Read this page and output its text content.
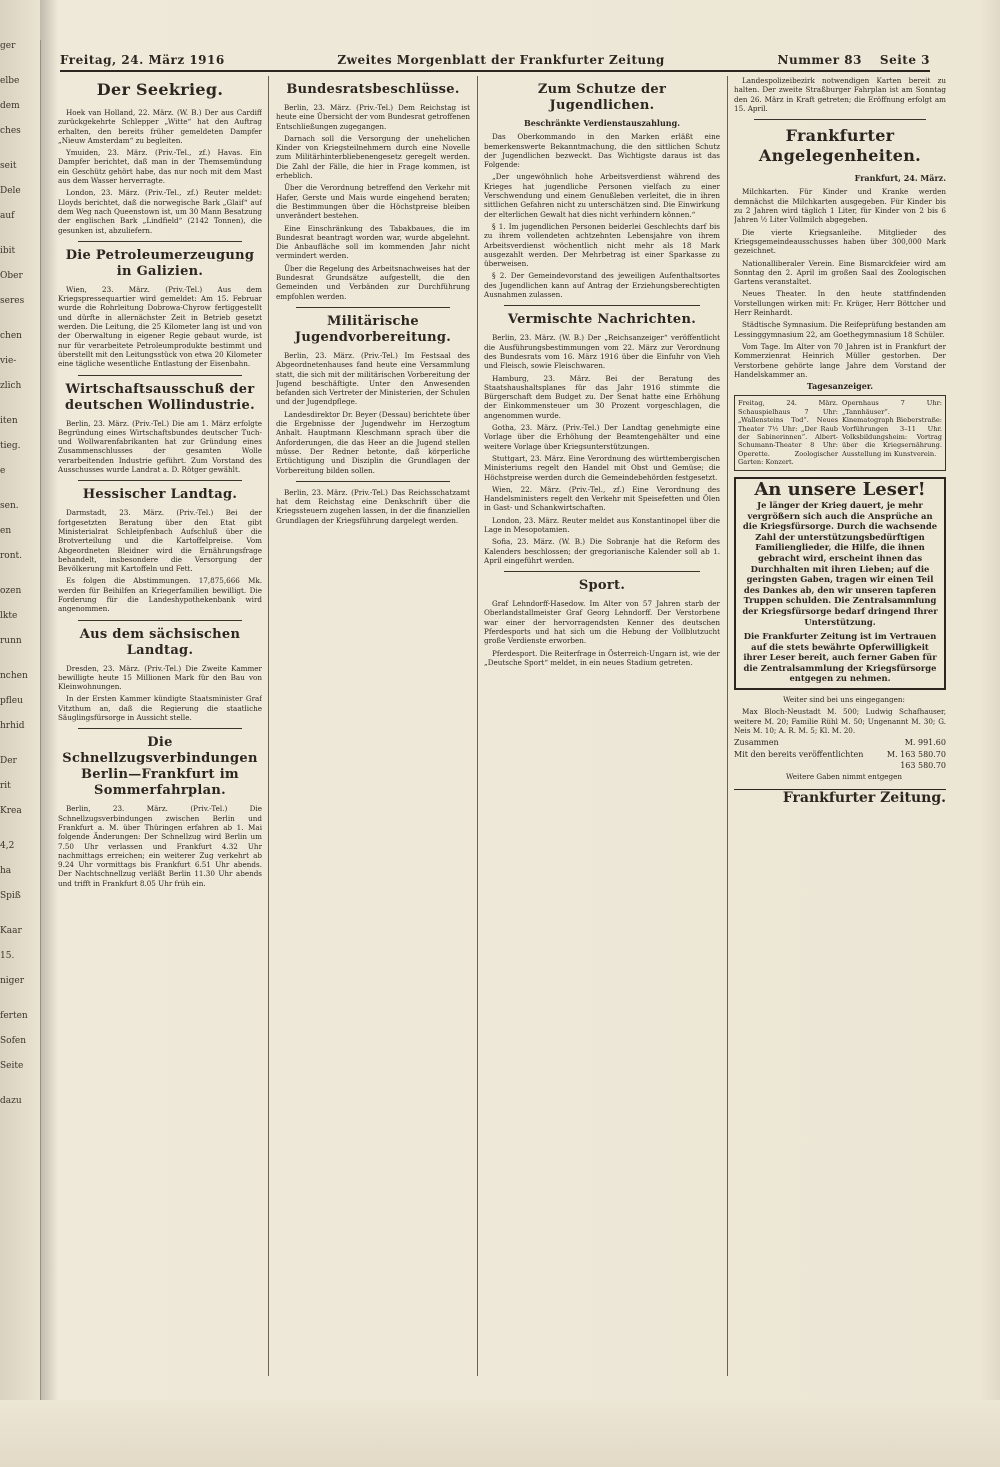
ger
elbe
dem
ches
seit
Dele
auf
ibit
Ober
seres
chen
vie-
zlich
iten
tieg.
e
sen.
en
ront.
ozen
lkte
runn
nchen
pfleu
hrhid
Der
rit
Krea
4,2
ha
Spiß
Kaar
15.
niger
ferten
Sofen
Seite
dazu
Freitag, 24. März 1916	Zweites Morgenblatt der Frankfurter Zeitung	Nummer 83 Seite 3
Der Seekrieg.

Hoek van Holland, 22. März. (W. B.) Der aus Cardiff zurückgekehrte Schlepper „Witte“ hat den Auftrag erhalten, den bereits früher gemeldeten Dampfer „Nieuw Amsterdam“ zu begleiten.

Ymuiden, 23. März. (Priv.-Tel., zf.) Havas. Ein Dampfer berichtet, daß man in der Themsemündung ein Geschütz gehört habe, das nur noch mit dem Mast aus dem Wasser herverragte.

London, 23. März. (Priv.-Tel., zf.) Reuter meldet: Lloyds berichtet, daß die norwegische Bark „Glaif“ auf dem Weg nach Queenstown ist, um 30 Mann Besatzung der englischen Bark „Lindfield“ (2142 Tonnen), die gesunken ist, abzuliefern.

Die Petroleumerzeugung in Galizien.

Wien, 23. März. (Priv.-Tel.) Aus dem Kriegspressequartier wird gemeldet: Am 15. Februar wurde die Rohrleitung Dobrowa-Chyrow fertiggestellt und dürfte in allernächster Zeit in Betrieb gesetzt werden. Die Leitung, die 25 Kilometer lang ist und von der Oberwaltung in eigener Regie gebaut wurde, ist nur für verarbeitete Petroleumprodukte bestimmt und überstellt mit den Leitungsstück von etwa 20 Kilometer eine tägliche wesentliche Entlastung der Eisenbahn.

Wirtschaftsausschuß der deutschen Wollindustrie.

Berlin, 23. März. (Priv.-Tel.) Die am 1. März erfolgte Begründung eines Wirtschaftsbundes deutscher Tuch- und Wollwarenfabrikanten hat zur Gründung eines Zusammenschlusses der gesamten Wolle verarbeitenden Industrie geführt. Zum Vorstand des Ausschusses wurde Landrat a. D. Rötger gewählt.

Hessischer Landtag.

Darmstadt, 23. März. (Priv.-Tel.) Bei der fortgesetzten Beratung über den Etat gibt Ministerialrat Schleipfenbach Aufschluß über die Brotverteilung und die Kartoffelpreise. Vom Abgeordneten Bleidner wird die Ernährungsfrage behandelt, insbesondere die Versorgung der Bevölkerung mit Kartoffeln und Fett.

Es folgen die Abstimmungen. 17,875,666 Mk. werden für Beihilfen an Kriegerfamilien bewilligt. Die Forderung für die Landeshypothekenbank wird angenommen.

Aus dem sächsischen Landtag.

Dresden, 23. März. (Priv.-Tel.) Die Zweite Kammer bewilligte heute 15 Millionen Mark für den Bau von Kleinwohnungen.

In der Ersten Kammer kündigte Staatsminister Graf Vitzthum an, daß die Regierung die staatliche Säuglingsfürsorge in Aussicht stelle.

Die Schnellzugsverbindungen Berlin—Frankfurt im Sommerfahrplan.

Berlin, 23. März. (Priv.-Tel.) Die Schnellzugsverbindungen zwischen Berlin und Frankfurt a. M. über Thüringen erfahren ab 1. Mai folgende Änderungen: Der Schnellzug wird Berlin um 7.50 Uhr verlassen und Frankfurt 4.32 Uhr nachmittags erreichen; ein weiterer Zug verkehrt ab 9.24 Uhr vormittags bis Frankfurt 6.51 Uhr abends. Der Nachtschnellzug verläßt Berlin 11.30 Uhr abends und trifft in Frankfurt 8.05 Uhr früh ein.

Bundesratsbeschlüsse.

Berlin, 23. März. (Priv.-Tel.) Dem Reichstag ist heute eine Übersicht der vom Bundesrat getroffenen Entschließungen zugegangen.

Darnach soll die Versorgung der unehelichen Kinder von Kriegsteilnehmern durch eine Novelle zum Militärhinterbliebenengesetz geregelt werden. Die Zahl der Fälle, die hier in Frage kommen, ist erheblich.

Über die Verordnung betreffend den Verkehr mit Hafer, Gerste und Mais wurde eingehend beraten; die Bestimmungen über die Höchstpreise bleiben unverändert bestehen.

Eine Einschränkung des Tabakbaues, die im Bundesrat beantragt worden war, wurde abgelehnt. Die Anbaufläche soll im kommenden Jahr nicht vermindert werden.

Über die Regelung des Arbeitsnachweises hat der Bundesrat Grundsätze aufgestellt, die den Gemeinden und Verbänden zur Durchführung empfohlen werden.

Militärische Jugendvorbereitung.

Berlin, 23. März. (Priv.-Tel.) Im Festsaal des Abgeordnetenhauses fand heute eine Versammlung statt, die sich mit der militärischen Vorbereitung der Jugend beschäftigte. Unter den Anwesenden befanden sich Vertreter der Ministerien, der Schulen und der Jugendpflege.

Landesdirektor Dr. Beyer (Dessau) berichtete über die Ergebnisse der Jugendwehr im Herzogtum Anhalt. Hauptmann Kleschmann sprach über die Anforderungen, die das Heer an die Jugend stellen müsse. Der Redner betonte, daß körperliche Ertüchtigung und Disziplin die Grundlagen der Vorbereitung bilden sollen.

Berlin, 23. März. (Priv.-Tel.) Das Reichsschatzamt hat dem Reichstag eine Denkschrift über die Kriegssteuern zugehen lassen, in der die finanziellen Grundlagen der Kriegsführung dargelegt werden.

Zum Schutze der Jugendlichen.
Beschränkte Verdienstauszahlung.

Das Oberkommando in den Marken erläßt eine bemerkenswerte Bekanntmachung, die den sittlichen Schutz der Jugendlichen bezweckt. Das Wichtigste daraus ist das Folgende:

„Der ungewöhnlich hohe Arbeitsverdienst während des Krieges hat jugendliche Personen vielfach zu einer Verschwendung und einem Genußleben verleitet, die in ihren sittlichen Gefahren nicht zu unterschätzen sind. Die Einwirkung der elterlichen Gewalt hat dies nicht verhindern können.“

§ 1. Im jugendlichen Personen beiderlei Geschlechts darf bis zu ihrem vollendeten achtzehnten Lebensjahre von ihrem Arbeitsverdienst wöchentlich nicht mehr als 18 Mark ausgezahlt werden. Der Mehrbetrag ist einer Sparkasse zu überweisen.

§ 2. Der Gemeindevorstand des jeweiligen Aufenthaltsortes des Jugendlichen kann auf Antrag der Erziehungsberechtigten Ausnahmen zulassen.

Vermischte Nachrichten.

Berlin, 23. März. (W. B.) Der „Reichsanzeiger“ veröffentlicht die Ausführungsbestimmungen vom 22. März zur Verordnung des Bundesrats vom 16. März 1916 über die Einfuhr von Vieh und Fleisch, sowie Fleischwaren.

Hamburg, 23. März. Bei der Beratung des Staatshaushaltsplanes für das Jahr 1916 stimmte die Bürgerschaft dem Budget zu. Der Senat hatte eine Erhöhung der Einkommensteuer um 30 Prozent vorgeschlagen, die angenommen wurde.

Gotha, 23. März. (Priv.-Tel.) Der Landtag genehmigte eine Vorlage über die Erhöhung der Beamtengehälter und eine weitere Vorlage über Kriegsunterstützungen.

Stuttgart, 23. März. Eine Verordnung des württembergischen Ministeriums regelt den Handel mit Obst und Gemüse; die Höchstpreise werden durch die Gemeindebehörden festgesetzt.

Wien, 22. März. (Priv.-Tel., zf.) Eine Verordnung des Handelsministers regelt den Verkehr mit Speisefetten und Ölen in Gast- und Schankwirtschaften.

London, 23. März. Reuter meldet aus Konstantinopel über die Lage in Mesopotamien.

Sofia, 23. März. (W. B.) Die Sobranje hat die Reform des Kalenders beschlossen; der gregorianische Kalender soll ab 1. April eingeführt werden.

Sport.

Graf Lehndorff-Hasedow. Im Alter von 57 Jahren starb der Oberlandstallmeister Graf Georg Lehndorff. Der Verstorbene war einer der hervorragendsten Kenner des deutschen Pferdesports und hat sich um die Hebung der Vollblutzucht große Verdienste erworben.

Pferdesport. Die Reiterfrage in Österreich-Ungarn ist, wie der „Deutsche Sport“ meldet, in ein neues Stadium getreten.

Landespolizeibezirk notwendigen Karten bereit zu halten. Der zweite Straßburger Fahrplan ist am Sonntag den 26. März in Kraft getreten; die Eröffnung erfolgt am 15. April.

Frankfurter Angelegenheiten.
Frankfurt, 24. März.

Milchkarten. Für Kinder und Kranke werden demnächst die Milchkarten ausgegeben. Für Kinder bis zu 2 Jahren wird täglich 1 Liter, für Kinder von 2 bis 6 Jahren ½ Liter Vollmilch abgegeben.

Die vierte Kriegsanleihe. Mitglieder des Kriegsgemeindeausschusses haben über 300,000 Mark gezeichnet.

Nationalliberaler Verein. Eine Bismarckfeier wird am Sonntag den 2. April im großen Saal des Zoologischen Gartens veranstaltet.

Neues Theater. In den heute stattfindenden Vorstellungen wirken mit: Fr. Krüger, Herr Böttcher und Herr Reinhardt.

Städtische Symnasium. Die Reifeprüfung bestanden am Lessinggymnasium 22, am Goethegymnasium 18 Schüler.

Vom Tage. Im Alter von 70 Jahren ist in Frankfurt der Kommerzienrat Heinrich Müller gestorben. Der Verstorbene gehörte lange Jahre dem Vorstand der Handelskammer an.

Tagesanzeiger.
Freitag, 24. März. Schauspielhaus 7 Uhr: „Wallensteins Tod“. Neues Theater 7½ Uhr: „Der Raub der Sabinerinnen“. Albert-Schumann-Theater 8 Uhr: Operette. Zoologischer Garten: Konzert.
Opernhaus 7 Uhr: „Tannhäuser“. Kinematograph Bieberstraße: Vorführungen 3–11 Uhr. Volksbildungsheim: Vortrag über die Kriegsernährung. Ausstellung im Kunstverein.
An unsere Leser!
Je länger der Krieg dauert, je mehr vergrößern sich auch die Ansprüche an die Kriegsfürsorge. Durch die wachsende Zahl der unterstützungsbedürftigen Familienglieder, die Hilfe, die ihnen gebracht wird, erscheint ihnen das Durchhalten mit ihren Lieben; auf die geringsten Gaben, tragen wir einen Teil des Dankes ab, den wir unseren tapferen Truppen schulden. Die Zentralsammlung der Kriegsfürsorge bedarf dringend Ihrer Unterstützung.
Die Frankfurter Zeitung ist im Vertrauen auf die stets bewährte Opferwilligkeit ihrer Leser bereit, auch ferner Gaben für die Zentralsammlung der Kriegsfürsorge entgegen zu nehmen.

Weiter sind bei uns eingegangen:

Max Bloch-Neustadt M. 500; Ludwig Schafhauser, weitere M. 20; Familie Rühl M. 50; Ungenannt M. 30; G. Neis M. 10; A. R. M. 5; Kl. M. 20.

Zusammen	M. 991.60
Mit den bereits veröffentlichten	M. 163 580.70
163 580.70

Weitere Gaben nimmt entgegen

Frankfurter Zeitung.
